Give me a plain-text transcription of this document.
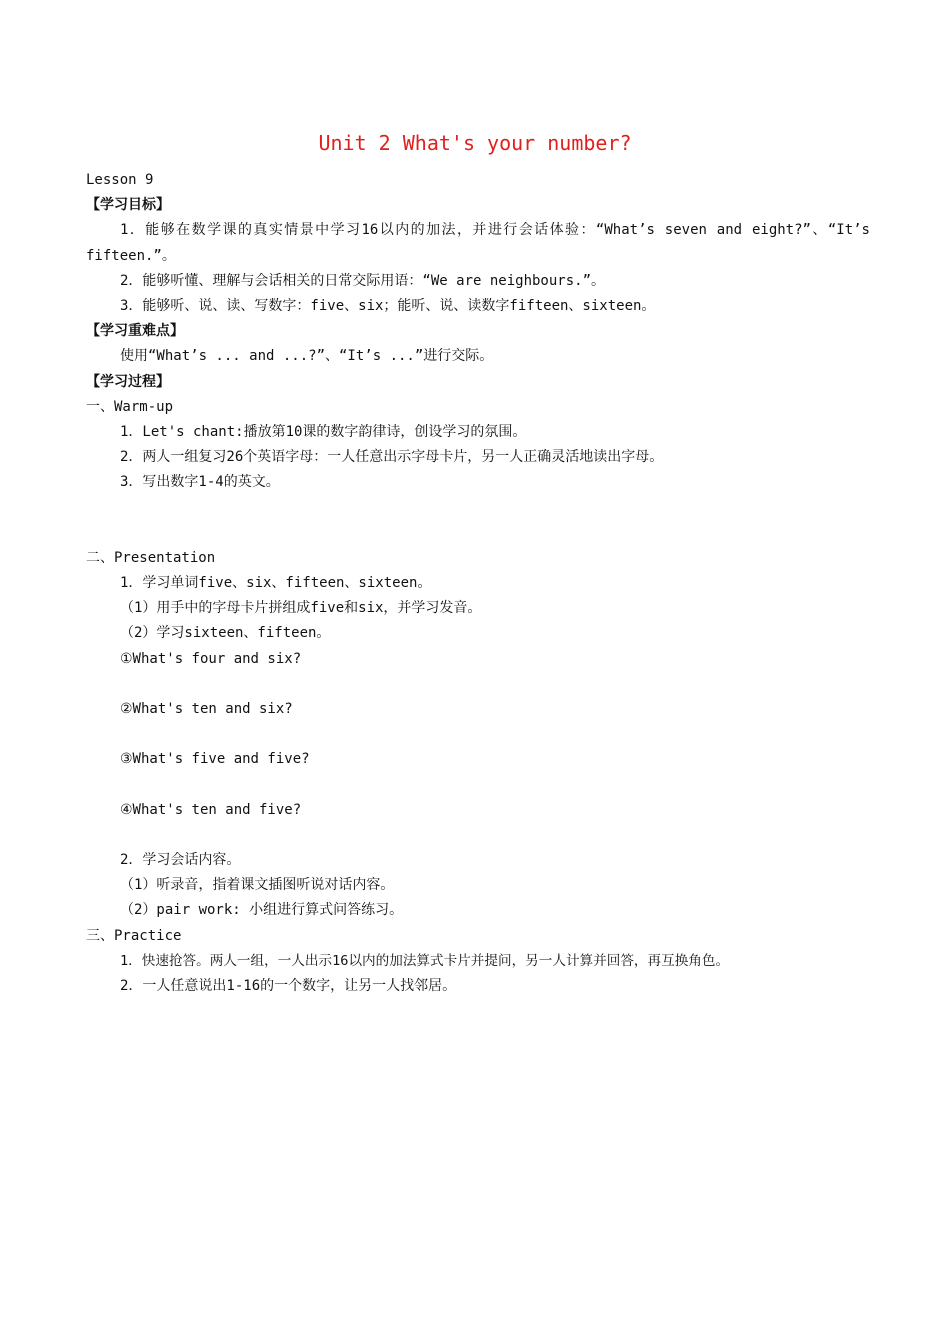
Unit 2 What's your number?
Lesson 9
【学习目标】
1．能够在数学课的真实情景中学习16以内的加法，并进行会话体验：“What’s seven and eight?”、“It’s fifteen.”。
2．能够听懂、理解与会话相关的日常交际用语：“We are neighbours.”。
3．能够听、说、读、写数字：five、six；能听、说、读数字fifteen、sixteen。
【学习重难点】
使用“What’s ... and ...?”、“It’s ...”进行交际。
【学习过程】
一、Warm-up
1．Let's chant:播放第10课的数字韵律诗，创设学习的氛围。
2．两人一组复习26个英语字母：一人任意出示字母卡片，另一人正确灵活地读出字母。
3．写出数字1-4的英文。
二、Presentation
1．学习单词five、six、fifteen、sixteen。
（1）用手中的字母卡片拼组成five和six，并学习发音。
（2）学习sixteen、fifteen。
①What's four and six?
②What's ten and six?
③What's five and five?
④What's ten and five?
2．学习会话内容。
（1）听录音，指着课文插图听说对话内容。
（2）pair work: 小组进行算式问答练习。
三、Practice
1．快速抢答。两人一组，一人出示16以内的加法算式卡片并提问，另一人计算并回答，再互换角色。
2．一人任意说出1-16的一个数字，让另一人找邻居。
